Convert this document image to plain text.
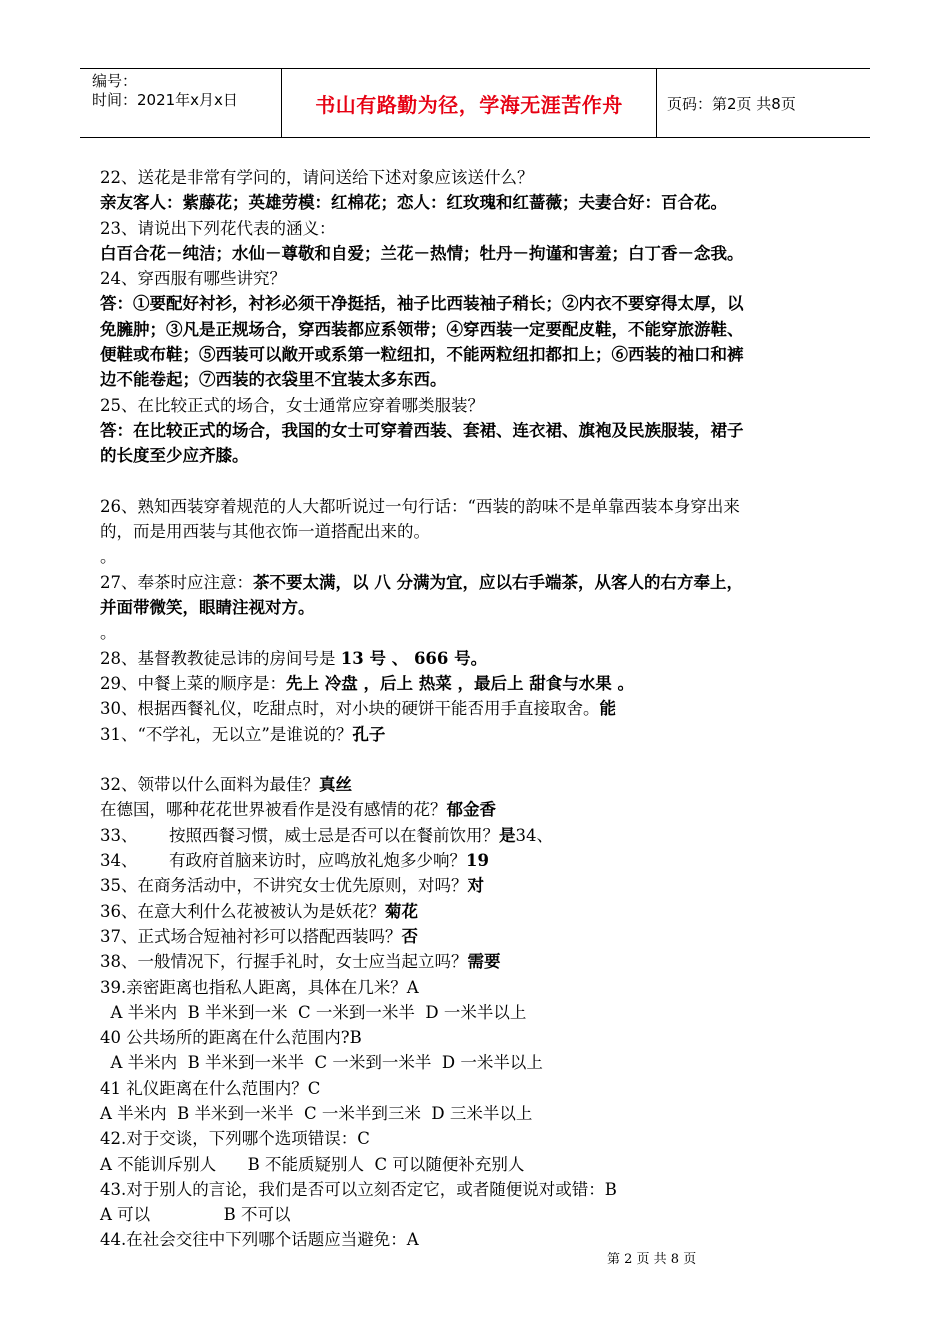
编号：
时间：2021年x月x日	书山有路勤为径，学海无涯苦作舟	页码：第2页 共8页
22、送花是非常有学问的，请问送给下述对象应该送什么？
亲友客人：紫藤花；英雄劳模：红棉花；恋人：红玫瑰和红蔷薇；夫妻合好：百合花。
23、请说出下列花代表的涵义：
白百合花－纯洁；水仙－尊敬和自爱；兰花－热情；牡丹－拘谨和害羞；白丁香－念我。
24、穿西服有哪些讲究？
答：①要配好衬衫，衬衫必须干净挺括，袖子比西装袖子稍长；②内衣不要穿得太厚，以
免臃肿；③凡是正规场合，穿西装都应系领带；④穿西装一定要配皮鞋，不能穿旅游鞋、
便鞋或布鞋；⑤西装可以敞开或系第一粒纽扣，不能两粒纽扣都扣上；⑥西装的袖口和裤
边不能卷起；⑦西装的衣袋里不宜装太多东西。
25、在比较正式的场合，女士通常应穿着哪类服装？
答：在比较正式的场合，我国的女士可穿着西装、套裙、连衣裙、旗袍及民族服装，裙子
的长度至少应齐膝。
26、熟知西装穿着规范的人大都听说过一句行话：“西装的韵味不是单靠西装本身穿出来
的，而是用西装与其他衣饰一道搭配出来的。
。
27、奉茶时应注意：茶不要太满，以 八 分满为宜，应以右手端茶，从客人的右方奉上，
并面带微笑，眼睛注视对方。
。
28、基督教教徒忌讳的房间号是 13 号 、 666 号。
29、中餐上菜的顺序是：先上 冷盘 ，后上 热菜 ，最后上 甜食与水果 。
30、根据西餐礼仪，吃甜点时，对小块的硬饼干能否用手直接取舍。能
31、“不学礼，无以立”是谁说的？孔子
32、领带以什么面料为最佳？真丝
在德国，哪种花花世界被看作是没有感情的花？郁金香
33、      按照西餐习惯，威士忌是否可以在餐前饮用？是34、
34、      有政府首脑来访时，应鸣放礼炮多少响？19
35、在商务活动中，不讲究女士优先原则，对吗？对
36、在意大利什么花被被认为是妖花？菊花
37、正式场合短袖衬衫可以搭配西装吗？否
38、一般情况下，行握手礼时，女士应当起立吗？需要
39.亲密距离也指私人距离，具体在几米？A
A 半米内  B 半米到一米  C 一米到一米半  D 一米半以上
40 公共场所的距离在什么范围内?B
A 半米内  B 半米到一米半  C 一米到一米半  D 一米半以上
41 礼仪距离在什么范围内？C
A 半米内  B 半米到一米半  C 一米半到三米  D 三米半以上
42.对于交谈，下列哪个选项错误：C
A 不能训斥别人      B 不能质疑别人  C 可以随便补充别人
43.对于别人的言论，我们是否可以立刻否定它，或者随便说对或错：B
A 可以              B 不可以
44.在社会交往中下列哪个话题应当避免：A
第 2 页 共 8 页
